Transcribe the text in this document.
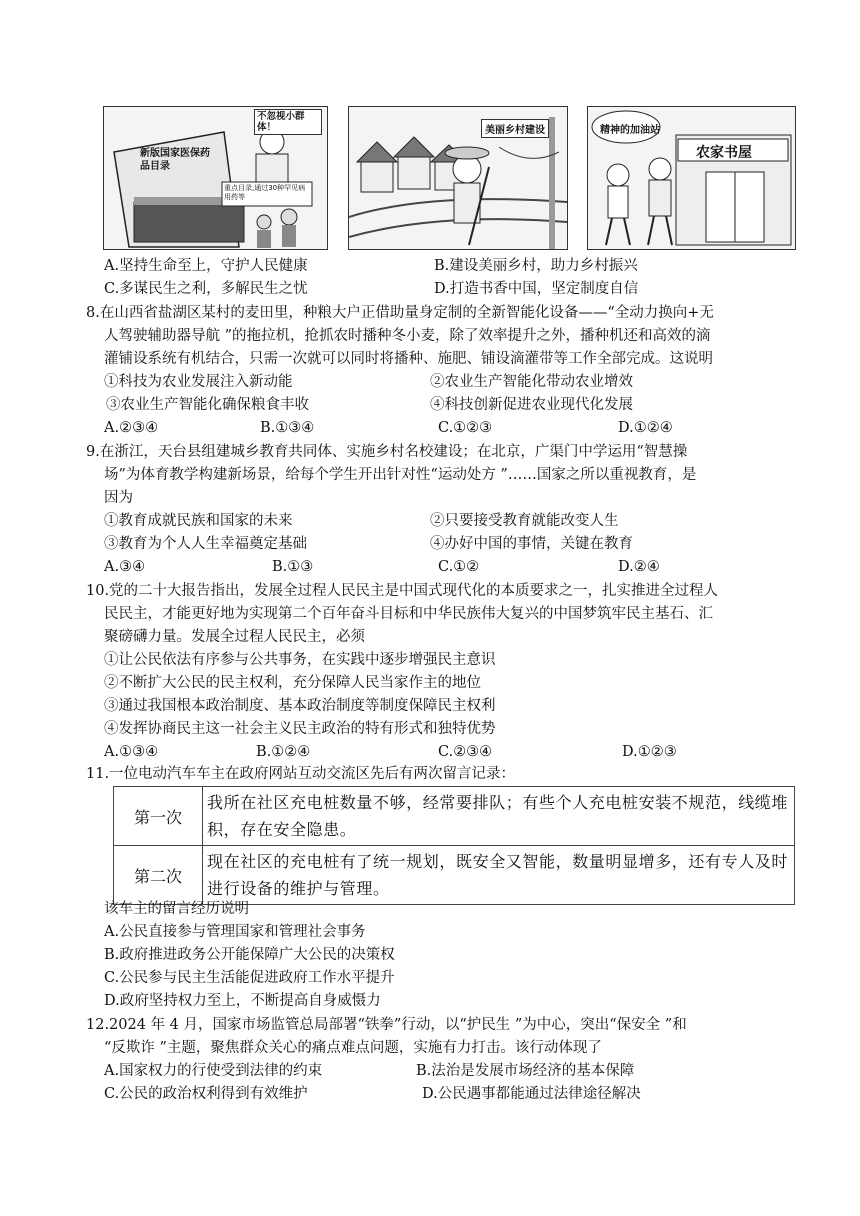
不忽视小群体！
新版国家医保药品目录
重点目录,通过30种罕见病用药等
美丽乡村建设	精神的加油站
农家书屋
A.坚持生命至上，守护人民健康	B.建设美丽乡村，助力乡村振兴
C.多谋民生之利，多解民生之忧	D.打造书香中国，坚定制度自信
8.在山西省盐湖区某村的麦田里，种粮大户正借助量身定制的全新智能化设备——“全动力换向+无
人驾驶辅助器导航 ”的拖拉机，抢抓农时播种冬小麦，除了效率提升之外，播种机还和高效的滴
灌铺设系统有机结合，只需一次就可以同时将播种、施肥、铺设滴灌带等工作全部完成。这说明
①科技为农业发展注入新动能	②农业生产智能化带动农业增效
③农业生产智能化确保粮食丰收	④科技创新促进农业现代化发展
A.②③④	B.①③④	C.①②③	D.①②④
9.在浙江，天台县组建城乡教育共同体、实施乡村名校建设；在北京，广渠门中学运用“智慧操
场”为体育教学构建新场景，给每个学生开出针对性“运动处方 ”……国家之所以重视教育，是
因为
①教育成就民族和国家的未来	②只要接受教育就能改变人生
③教育为个人人生幸福奠定基础	④办好中国的事情，关键在教育
A.③④	B.①③	C.①②	D.②④
10.党的二十大报告指出，发展全过程人民民主是中国式现代化的本质要求之一，扎实推进全过程人
民民主，才能更好地为实现第二个百年奋斗目标和中华民族伟大复兴的中国梦筑牢民主基石、汇
聚磅礴力量。发展全过程人民民主，必须
①让公民依法有序参与公共事务，在实践中逐步增强民主意识
②不断扩大公民的民主权利，充分保障人民当家作主的地位
③通过我国根本政治制度、基本政治制度等制度保障民主权利
④发挥协商民主这一社会主义民主政治的特有形式和独特优势
A.①③④	B.①②④	C.②③④	D.①②③
11.一位电动汽车车主在政府网站互动交流区先后有两次留言记录：
第一次	我所在社区充电桩数量不够，经常要排队；有些个人充电桩安装不规范，线缆堆积，存在安全隐患。
第二次	现在社区的充电桩有了统一规划，既安全又智能，数量明显增多，还有专人及时进行设备的维护与管理。
该车主的留言经历说明
A.公民直接参与管理国家和管理社会事务
B.政府推进政务公开能保障广大公民的决策权
C.公民参与民主生活能促进政府工作水平提升
D.政府坚持权力至上，不断提高自身威慑力
12.2024 年 4 月，国家市场监管总局部署“铁拳”行动，以“护民生 ”为中心，突出“保安全 ”和
“反欺诈 ”主题，聚焦群众关心的痛点难点问题，实施有力打击。该行动体现了
A.国家权力的行使受到法律的约束	B.法治是发展市场经济的基本保障
C.公民的政治权利得到有效维护	D.公民遇事都能通过法律途径解决
